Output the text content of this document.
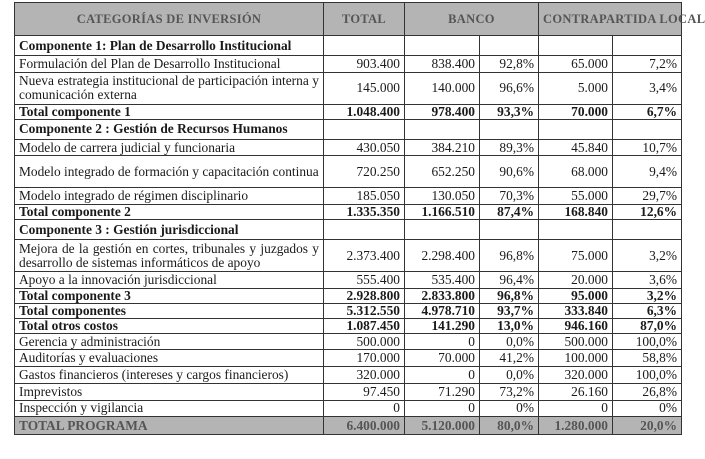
CATEGORÍAS DE INVERSIÓN	TOTAL	BANCO		CONTRAPARTIDA LOCAL	
Componente 1: Plan de Desarrollo Institucional					
Formulación del Plan de Desarrollo Institucional	903.400	838.400	92,8%	65.000	7,2%
Nueva estrategia institucional de participación interna y comunicación externa	145.000	140.000	96,6%	5.000	3,4%
Total componente 1	1.048.400	978.400	93,3%	70.000	6,7%
Componente 2 : Gestión de Recursos Humanos					
Modelo de carrera judicial y funcionaria	430.050	384.210	89,3%	45.840	10,7%
Modelo integrado de formación y capacitación continua	720.250	652.250	90,6%	68.000	9,4%
Modelo integrado de régimen disciplinario	185.050	130.050	70,3%	55.000	29,7%
Total componente 2	1.335.350	1.166.510	87,4%	168.840	12,6%
Componente 3 : Gestión jurisdiccional					
Mejora de la gestión en cortes, tribunales y juzgados y desarrollo de sistemas informáticos de apoyo	2.373.400	2.298.400	96,8%	75.000	3,2%
Apoyo a la innovación jurisdiccional	555.400	535.400	96,4%	20.000	3,6%
Total componente 3	2.928.800	2.833.800	96,8%	95.000	3,2%
Total componentes	5.312.550	4.978.710	93,7%	333.840	6,3%
Total otros costos	1.087.450	141.290	13,0%	946.160	87,0%
Gerencia y administración	500.000	0	0,0%	500.000	100,0%
Auditorías y evaluaciones	170.000	70.000	41,2%	100.000	58,8%
Gastos financieros (intereses y cargos financieros)	320.000	0	0,0%	320.000	100,0%
Imprevistos	97.450	71.290	73,2%	26.160	26,8%
Inspección y vigilancia	0	0	0%	0	0%
TOTAL PROGRAMA	6.400.000	5.120.000	80,0%	1.280.000	20,0%
